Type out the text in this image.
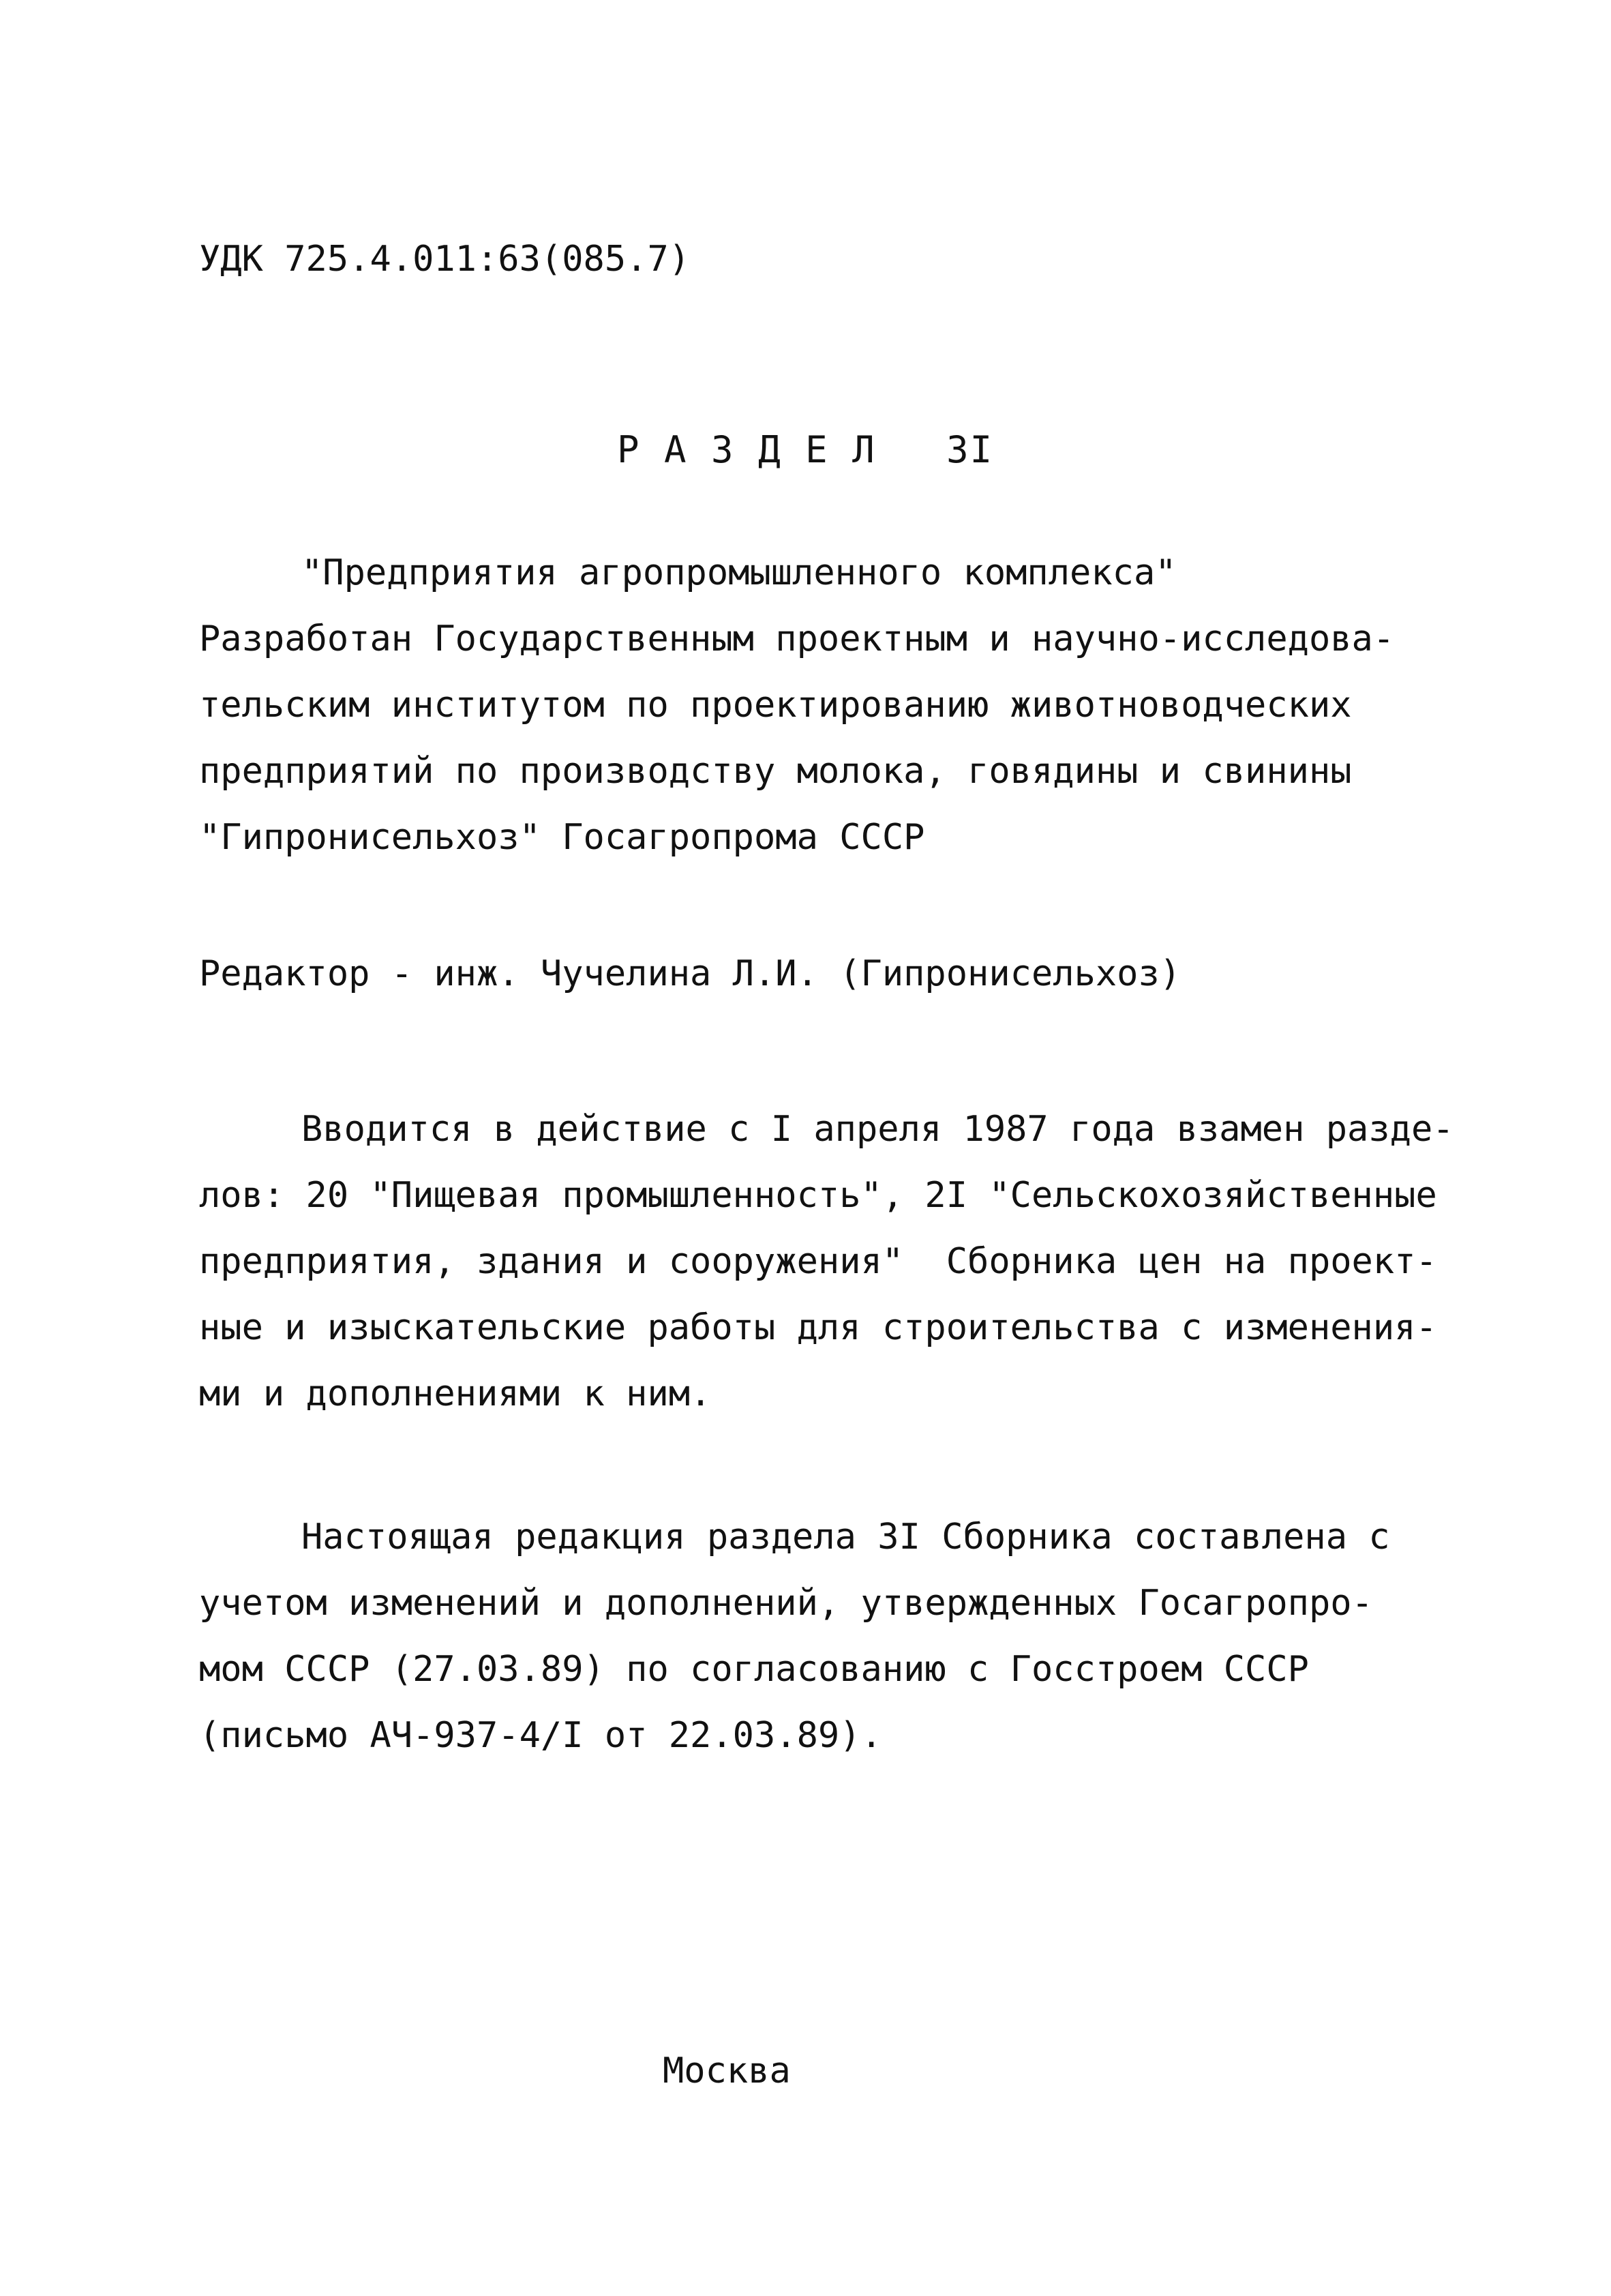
УДК 725.4.011:63(085.7)
Р А З Д Е Л   3I
"Предприятия агропромышленного комплекса"
Разработан Государственным проектным и научно-исследова-
тельским институтом по проектированию животноводческих
предприятий по производству молока, говядины и свинины
"Гипронисельхоз" Госагропрома СССР
Редактор - инж. Чучелина Л.И. (Гипронисельхоз)
Вводится в действие с I апреля 1987 года взамен разде-
лов: 20 "Пищевая промышленность", 2I "Сельскохозяйственные
предприятия, здания и сооружения"  Сборника цен на проект-
ные и изыскательские работы для строительства с изменения-
ми и дополнениями к ним.
Настоящая редакция раздела 3I Сборника составлена с
учетом изменений и дополнений, утвержденных Госагропро-
мом СССР (27.03.89) по согласованию с Госстроем СССР
(письмо АЧ-937-4/I от 22.03.89).
Москва
